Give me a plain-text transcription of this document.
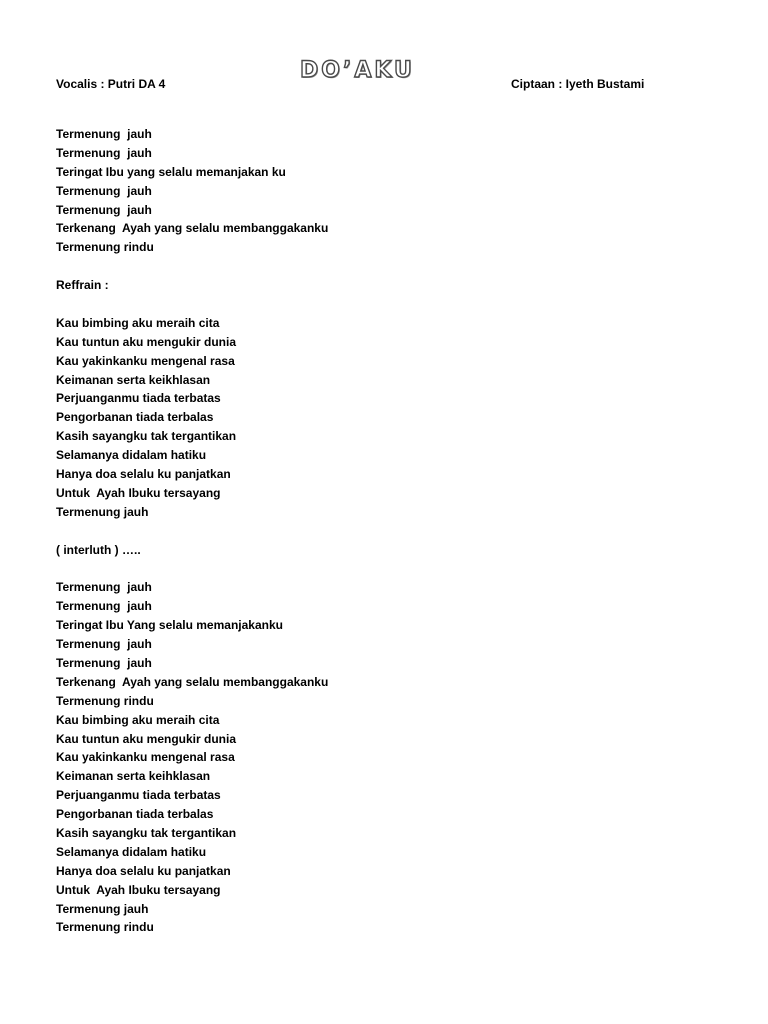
DO’AKU
Vocalis : Putri DA 4	Ciptaan : Iyeth Bustami
Termenung  jauh
Termenung  jauh
Teringat Ibu yang selalu memanjakan ku
Termenung  jauh
Termenung  jauh
Terkenang  Ayah yang selalu membanggakanku
Termenung rindu
Reffrain :
Kau bimbing aku meraih cita
Kau tuntun aku mengukir dunia
Kau yakinkanku mengenal rasa
Keimanan serta keikhlasan
Perjuanganmu tiada terbatas
Pengorbanan tiada terbalas
Kasih sayangku tak tergantikan
Selamanya didalam hatiku
Hanya doa selalu ku panjatkan
Untuk  Ayah Ibuku tersayang
Termenung jauh
( interluth ) …..
Termenung  jauh
Termenung  jauh
Teringat Ibu Yang selalu memanjakanku
Termenung  jauh
Termenung  jauh
Terkenang  Ayah yang selalu membanggakanku
Termenung rindu
Kau bimbing aku meraih cita
Kau tuntun aku mengukir dunia
Kau yakinkanku mengenal rasa
Keimanan serta keihklasan
Perjuanganmu tiada terbatas
Pengorbanan tiada terbalas
Kasih sayangku tak tergantikan
Selamanya didalam hatiku
Hanya doa selalu ku panjatkan
Untuk  Ayah Ibuku tersayang
Termenung jauh
Termenung rindu
